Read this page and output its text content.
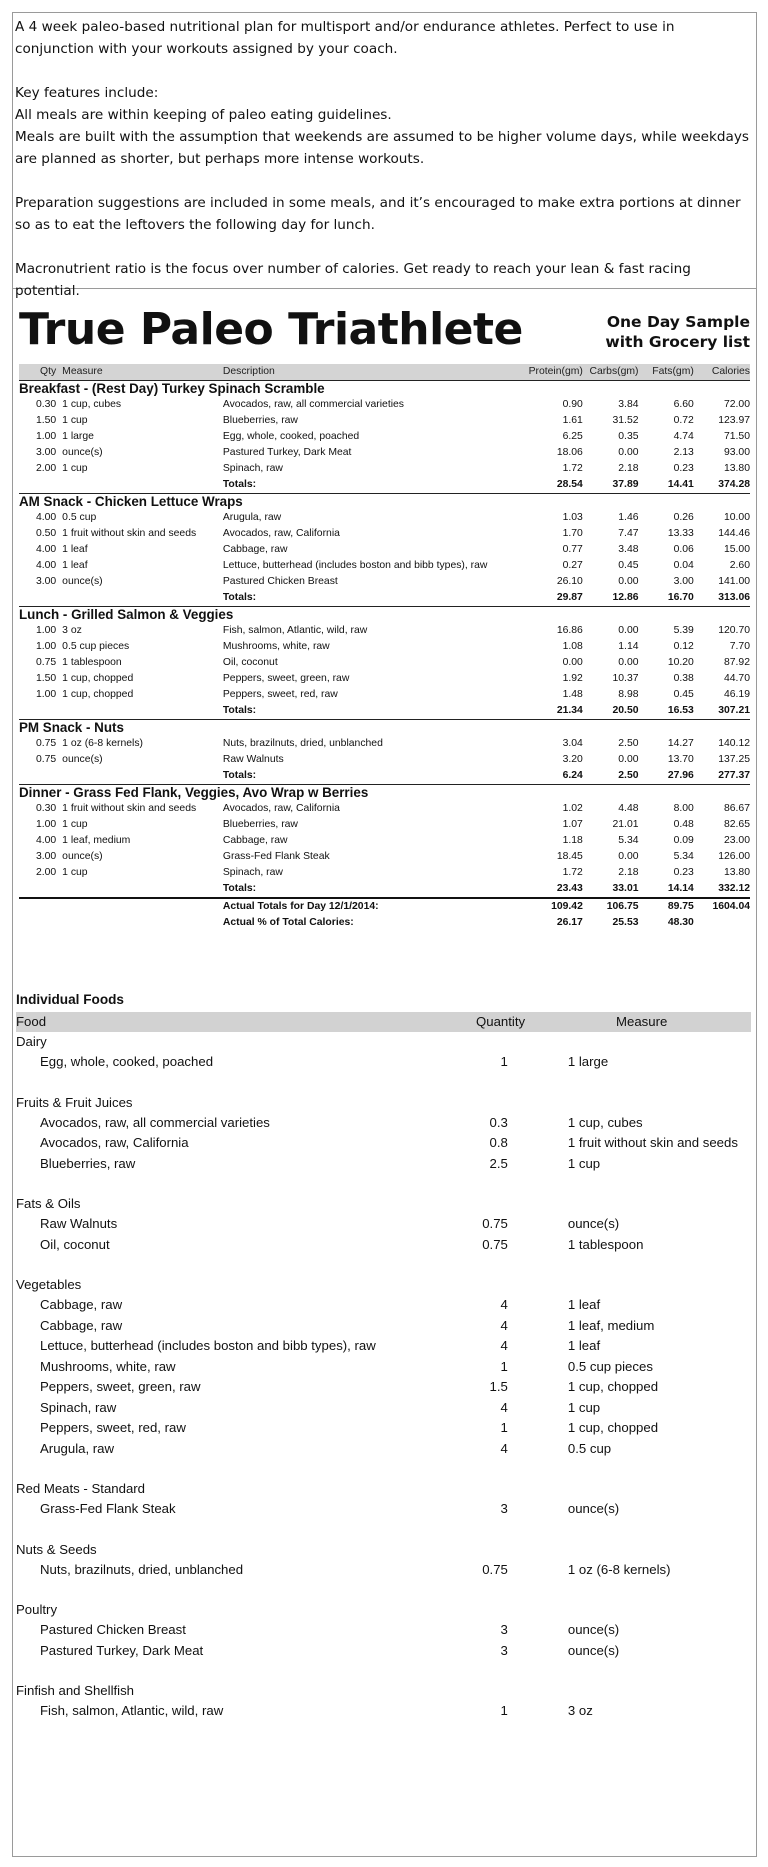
A 4 week paleo-based nutritional plan for multisport and/or endurance athletes. Perfect to use in conjunction with your workouts assigned by your coach.

Key features include:

All meals are within keeping of paleo eating guidelines.

Meals are built with the assumption that weekends are assumed to be higher volume days, while weekdays are planned as shorter, but perhaps more intense workouts.

Preparation suggestions are included in some meals, and it’s encouraged to make extra portions at dinner so as to eat the leftovers the following day for lunch.

Macronutrient ratio is the focus over number of calories. Get ready to reach your lean & fast racing potential.

True Paleo Triathlete	One Day Sample
with Grocery list
Qty	Measure	Description	Protein(gm)	Carbs(gm)	Fats(gm)	Calories
Breakfast - (Rest Day) Turkey Spinach Scramble						
0.30	1 cup, cubes	Avocados, raw, all commercial varieties	0.90	3.84	6.60	72.00
1.50	1 cup	Blueberries, raw	1.61	31.52	0.72	123.97
1.00	1 large	Egg, whole, cooked, poached	6.25	0.35	4.74	71.50
3.00	ounce(s)	Pastured Turkey, Dark Meat	18.06	0.00	2.13	93.00
2.00	1 cup	Spinach, raw	1.72	2.18	0.23	13.80
		Totals:	28.54	37.89	14.41	374.28
AM Snack - Chicken Lettuce Wraps						
4.00	0.5 cup	Arugula, raw	1.03	1.46	0.26	10.00
0.50	1 fruit without skin and seeds	Avocados, raw, California	1.70	7.47	13.33	144.46
4.00	1 leaf	Cabbage, raw	0.77	3.48	0.06	15.00
4.00	1 leaf	Lettuce, butterhead (includes boston and bibb types), raw	0.27	0.45	0.04	2.60
3.00	ounce(s)	Pastured Chicken Breast	26.10	0.00	3.00	141.00
		Totals:	29.87	12.86	16.70	313.06
Lunch - Grilled Salmon & Veggies						
1.00	3 oz	Fish, salmon, Atlantic, wild, raw	16.86	0.00	5.39	120.70
1.00	0.5 cup pieces	Mushrooms, white, raw	1.08	1.14	0.12	7.70
0.75	1 tablespoon	Oil, coconut	0.00	0.00	10.20	87.92
1.50	1 cup, chopped	Peppers, sweet, green, raw	1.92	10.37	0.38	44.70
1.00	1 cup, chopped	Peppers, sweet, red, raw	1.48	8.98	0.45	46.19
		Totals:	21.34	20.50	16.53	307.21
PM Snack - Nuts						
0.75	1 oz (6-8 kernels)	Nuts, brazilnuts, dried, unblanched	3.04	2.50	14.27	140.12
0.75	ounce(s)	Raw Walnuts	3.20	0.00	13.70	137.25
		Totals:	6.24	2.50	27.96	277.37
Dinner - Grass Fed Flank, Veggies, Avo Wrap w Berries						
0.30	1 fruit without skin and seeds	Avocados, raw, California	1.02	4.48	8.00	86.67
1.00	1 cup	Blueberries, raw	1.07	21.01	0.48	82.65
4.00	1 leaf, medium	Cabbage, raw	1.18	5.34	0.09	23.00
3.00	ounce(s)	Grass-Fed Flank Steak	18.45	0.00	5.34	126.00
2.00	1 cup	Spinach, raw	1.72	2.18	0.23	13.80
		Totals:	23.43	33.01	14.14	332.12
		Actual Totals for Day 12/1/2014:	109.42	106.75	89.75	1604.04
		Actual % of Total Calories:	26.17	25.53	48.30	
Individual Foods
Food	Quantity	Measure
Dairy
Egg, whole, cooked, poached	1	1 large
Fruits & Fruit Juices
Avocados, raw, all commercial varieties	0.3	1 cup, cubes
Avocados, raw, California	0.8	1 fruit without skin and seeds
Blueberries, raw	2.5	1 cup
Fats & Oils
Raw Walnuts	0.75	ounce(s)
Oil, coconut	0.75	1 tablespoon
Vegetables
Cabbage, raw	4	1 leaf
Cabbage, raw	4	1 leaf, medium
Lettuce, butterhead (includes boston and bibb types), raw	4	1 leaf
Mushrooms, white, raw	1	0.5 cup pieces
Peppers, sweet, green, raw	1.5	1 cup, chopped
Spinach, raw	4	1 cup
Peppers, sweet, red, raw	1	1 cup, chopped
Arugula, raw	4	0.5 cup
Red Meats - Standard
Grass-Fed Flank Steak	3	ounce(s)
Nuts & Seeds
Nuts, brazilnuts, dried, unblanched	0.75	1 oz (6-8 kernels)
Poultry
Pastured Chicken Breast	3	ounce(s)
Pastured Turkey, Dark Meat	3	ounce(s)
Finfish and Shellfish
Fish, salmon, Atlantic, wild, raw	1	3 oz
